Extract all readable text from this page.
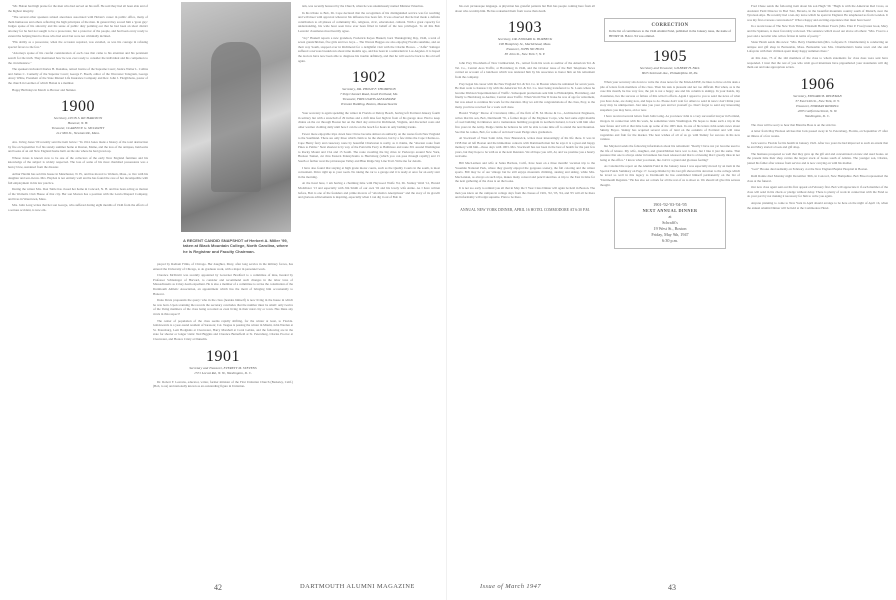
"Mr. Hoban had high praise for the men who had served on his staff. He said they had all been able and of the highest integrity.

"The several other speakers related anecdotes associated with Hoban's career in public office, many of them humorous and others reflecting the high principles of the man. In general they scored him a 'great guy.' Judges spoke of his sincerity and his sense of public duty pointing out that he had been an ideal district attorney for he had not sought to be a prosecutor, but a protector of the people, and had been every ready to extend the helping hand to those who had erred but were not criminally inclined.

"His ability as a prosecutor, when the occasion required, was extolled, as was his courage in refusing special favors to the few."

"Attorneys spoke of his careful consideration of each case that came to his attention and his persistent search for the truth. They mentioned how he was ever ready to consider the individual and his companion to the circumstance."

The speakers included Charles H. Donahue, retired Justice of the Supreme Court; Justice Walter L. Collins and James C. Connelly of the Superior Court; George F. Booth, editor of the Worcester Telegram, George Avery White, President of the State Mutual Life Insurance Company and Rev. John J. Fitzgibbons, pastor of the church in Gardner of which Hoban is a member.

Happy Birthdays in March to Brewer and Skinner.

1900
Secretary, LEON S. RICHARDSON
Hanover, N. H.
Treasurer, CLARENCE G. MCDAVITT
212 Mill St., Newtonville, Mass.

Ave. Irving Jones '00 recently sent the item below: "In 1914 Jones made a history of the total destruction by fire on September 9 of his stately summer home at Ruston, Maine, and the loss of the antiques, heirlooms and books of an old New England home built on the site where he had grown up.

Whose Jones is known now to be one of the collectors of the early New England furniture and his knowledge of the subject is widely respected. The loss of some of his most cherished possessions was a heavy blow, sustained from the disaster.

Arthur Hardin has sold his house in Manchester, N. H., and has moved to Woburn, Mass., to live with his daughter and son-in-law. Mrs. Hayden is not entirely well and he has found the care of her incompatible with full employment in his law practice.

During the winter Mrs. Don Tuttle has closed her home in Concord, N. H. and has been acting as matron of the Woman's Club House of that city. Her son Morton has a position with the Lewis-Shepard Company, and lives in Watertown, Mass.

Mrs. John Long writes that her son George, who suffered during eight months of 1946 from the effects of a serious accident, is now em-

A RECENT CANDID SNAPSHOT of Herbert A. Miller '99, taken at Black Mountain College, North Carolina, where he is Registrar and Faculty Chairman.

ployed by Radiant Films, of Chicago. Her daughter, Mary, after long service in the military forces, has entered the University of Chicago, to do graduate work, with a major in personnel work.

Clarence McDavitt was recently appointed by Governor Bradford to a committee of nine, headed by Professor Schlesinger of Harvard, to consider and recommend such changes in the labor laws of Massachusetts as it may deem expedient. He is also a member of a committee to revise the constitution of the Dartmouth Athletic Association, an appointment which has the merit of bringing him occasionally to Hanover.

Dana Davis propounds the query: who in the class (besides himself) is now living in the house in which he was born. Upon scanning the records the secretary concludes that the number must be small: only twelve of the living members of the class being recorded as even living in their natal city or town. Has Dana any rivals in this respect?

The center of population of the class seems rapidly shifting, for the winter at least, to Florida. Jemdowarris is a year-round resident of Sarasota; Col. Teague is passing the winter in Miami, John Warden at St. Petersburg, Lem Hodgkins at Clearwater, Harry Marshall at Coral Gables, and the following are in the state for shorter or longer visits: Ned Biggins and Clarence Butterfield at St. Petersburg, Charles Proctor at Clearwater, and Horace Cristy at Dunedin.

1901
Secretary and Treasurer, EVERETT M. STEVENS
1571 Locust Rd., N. W., Washington, D. C.

Dr. Robert F. Leavens, educator, writer, former minister of the First Unitarian Church (Berkeley, Calif.) (Bob, to us) and nationally known as an outstanding figure in Unitarian-

ism, was recently honored by the Church, when he was unanimously named Minister Emeritus.

In his tribute to Bob, Dr. Cope declared that the recognition of his distinguished service was far reaching and will meet with approval wherever his influence has been felt. It was observed that he had made a definite contribution to all phases of community life, religious, civic, educational, cultural. With a great capacity for understanding, his wide hour seen have ever been filled in behalf of the less privileged. To all this Bob Leavens' classmates most heartily agree.

"Joy" Haskell reports a new grandson, Frederick Keyes Haskell, born Thanksgiving Day, 1946, a total of seven grandchildren, five girls and two boys.... The Warren Bugges are also enjoying Florida sunshine, and on their way South, stopped over in Richmond for a delightful visit with the Charlie Howes. ..."Alfie" Salinger suffered a nervous breakdown about nine months ago, and has been in a sanitarium in Los Angeles. It is hoped the doctors have now been able to diagnose his trouble definitely, and that he will soon be back to his old self again.

1902
Secretary, DR. PHILIP F. THOMPSON
7 Ship Channel Road, South Portland, Me.
Treasurer, FRED DAVIS ALEXANDER
Tremont Building, Boston, Massachusetts

Your secretary is again spending the winter in Florida at Delray Beach, having left Portland January fourth in solitary but with a snowball of 29 inches and a drift nine feet high in front of his garage door. Had to keep chains on the car through Boston but on the third day arrived in Richmond, Virginia, and discarded coats and other warmer clothing daily until here I can lie on the beach for hours in only bathing trunks.

Fewer more enjoyable trips down here I have become almost an authority on the routes from New England to the Southland. There are only three which claim to be the shortest, but by a few miles the Cape Charles-to-Cape Henry ferry and causeway route by beautiful Charleston is really, as it claims, the "shortest route from Pines to Palms." Next shortest is by way of the Pottsville Ferry to Baltimore and route 301 around Washington to Rocky Mount and 15A and 15 South. The route avoiding the big cities is: Parkways around New York, Hudson Tunnel, cut thru Eastern Pennsylvania to Harrisburg (which you can pass through rapidly) and 15 South or farther west the picturesque Valley and Blue Ridge Sky Line Trail. Write me for details.

I have also found that staying at high grade motor courts, such as the Quality Courts in the south, is most convenient. Drive right up to your room. No taking the car to a garage and it is ready at once for an early start in the morning.

At the hotel here, I am having a charming time with Heywood Wolfe '04, Dr. Stanley Weld '12, Harold McAllister '13 and especially with Jim Smith of our own '02 and his lovely wife Annie. As I have written before, Bob is one of the founders and prime movers of "Alcoholics Anonymous" and the story of its growth and glorious achievements is inspiring, especially when I can dig it out of Bob in

his own picturesque language. A physician has grateful patients but Bob has people coming here from all about who worship him. He has redeemed them from worse than death.

1903
Secretary, DR. EDWARD K. BURBECK
198 Humphrey St., Marblehead, Mass.
Treasurer, JOHN NICHOLS
85 John St., New York 7, N. Y.

John Prey Woolsham of New Cumberland, Pa., retired from his work as auditor of the American Tel. & Tel. Co., Central Area Traffic, at Harrisburg in 1946, and the October issue of the Bell Telephone News carried an account of a luncheon which was tendered him by his associates to honor him on his retirement from the company.

Prey began his career with the New England Tel. & Tel. Co. in Boston where he remained for seven years. He then went to Kansas City with the American Tel. & Tel. Co. later being transferred to St. Louis where he became Division Superintendent of Traffic. Subsequent promotions sent him to Philadelphia, Harrisburg, and finally to Harrisburg as Auditor, Central Area Traffic. When World War II broke he was of age for retirement, but was asked to continue his work for the duration. May we add the congratulations of the class, Prey, to the many you have received for a work well done.

Harold "Pudge" Morse of Cleveland, Ohio, of the firm of H. M. Morse & Co., Architectural Engineers, writes that his son, Bob, Dartmouth '35, a former major of the Engineer Corps, who had some eight months of road building in Okinawa and a tremendous building program in northern Ireland, is back with him after five years in the Army. Pudge claims he believes he will be able to take time off to attend the next Reunion. See that he comes, Bob, for some of us haven't seen Pudge since graduation.

Al Stockwell of West Saint John, New Brunswick, writes most interestingly of his life there. It was in 1958 that Al left Boston and the immediate contacts with Dartmouth men but he says it is a great and happy memory with him—those days with 1903. Mrs. Stockwell has not been in the best of health for the past few years, but they hope to be with us at the next Reunion. We all hope you will, Al, and we promise you a hearty welcome.

Bill MacLarmon and wife at Santa Barbara, Calif., have been on a three months' vacation trip to the Yosemite National Park, where they greatly enjoyed the gorgeous scenery, the fall coloring and the winter sports. Bill may be of our vintage but he still enjoys mountain climbing, skating and skiing, while Mrs. MacLennan, as always on such trips, makes many colored and pencil sketches. A trip to the East in time for the next gathering of the class is on the books.

It is not too early to remind you all that in May the 5 Year Class Dinner will again be held in Boston. The men you knew on the campus in college days from the classes of 1901, '02, '03, '04, and '05 will all be there and informality will reign supreme. Plan to be there.

ANNUAL NEW YORK DINNER, APRIL 16 HOTEL COMMODORE AT 6:30 P.M.

CORRECTION
In the list of contributors to the 1946 Alumni Fund, published in the January issue, the name of HENRY M. HALL '04 was omitted.
1905
Secretary and Treasurer, GILBERT H. FALL
8025 Seminole Ave., Philadelphia 18, Pa.

When your secretary sits down to write the class notes for the MAGAZINE, he likes to have on his desk a pile of letters from members of the class. Then his task is pleasant and not too difficult. But when, as is the case this month, he has very few, the job is not a happy one and his column is skimpy. In your hands, my classmates, lies the success or failure of this writer's efforts. Again I appeal to you to send me news of what you have done, are doing now, and hope to do. Please don't wait for others to send in news: don't think your story may be unimportant. Just take you your pen and let yourself go. Don't forget to send any interesting snapshots you may have, old or new.

I have received several letters from John Laing. As you know John is a very successful lawyer in Portland, Oregon. In connection with his work, he sometimes visits Washington. He hopes to make such a trip in the near future and will at that time look up some of the 1905 men. In one of his letters John sends news about Skinny Boyce. Skinny has acquired several acres of land on the outskirts of Portland and will raise vegetables and fruit for the market. The best wishes of all of us go with Skinny for success in his new venture.

Ike Maynard sends the following information about his retirement: "Really I have not yet become used to the life of leisure. My wife, daughter, and grandchildren have wet to date, but I like it just the same. That pressure that one is always under in business has been released and that is a blessing that I greatly miss in not being at the office." I know what you mean, Ike. Isn't it a grand and glorious feeling?

As I studied the report on the Alumni Fund in the January issue I was especially moved by an item in the Special Funds Summary on Page 17. George Risher by his last gift showed his devotion to the college which he loved so well in this legacy to Dartmouth he has established himself permanently on the list of "Dartmouth Regulars." He has also set a mark for all the rest of us to shoot at. We should all give this serious thought.

1901-'02-'03-'04-'05
NEXT ANNUAL DINNER
at
Schrafft's
19 West St., Boston
Friday, May 9th, 1947
6:30 p.m.

Fred Chase sends the following item about his son Hugh '36: "Hugh is with the American Red Cross, as Assistant Field Director in Bad Tolz, Bavaria, in the beautiful mountain country south of Munich, near the Tyrolean Alps. He recently had a ten-day leave which he spent in England. He telephoned us from London. It was my first overseas conversation!" What a happy and exciting experience that must have been!

In a recent issue of The New York Times, Elizabeth Hollister Frost's (Mrs. Eliot P. Frost) latest book, Mary and the Spinners, is most favorably reviewed. The sentence which stood out above all others: "Mrs. Frost is a poet and a novelist who writes fiction in terms of poetry."

Sister Hersh sends this news: "Mrs. Betty Chamberlain (Mrs. Lafayette E. Chamberlain) is conducting an antique and gift shop in Barnstable, Mass. Barnstable was Mrs. Chamberlain's home town and she and Lafayette with their children spent many happy summers there."

At this date, 75 of the 146 members of the class to whom statements for class dues were sent have responded. I trust that the rest of you who wish good intentions have pigeonholed your statements will dig them out and take appropriate action.

1906
Secretary, EDWARD B. REDEMAN
37 East 94th St., New York, N. Y.
Treasurer, NORMAN RIDDELL
2005 California Street, N. W.
Washington, D. C.

The class will be sorry to hear that Blanche Boss is on the sick list.

A letter from May Hodson advises that Jack passed away in St. Petersburg, Florida, on September 27 after an illness of a few weeks.

Jack went to Florida for his health in January 1922. After two years he had improved to such an extent that he and Mary started a book and gift shop.

The business prospered so well that they gave up the gift end and concentrated on new and used books. At the present time their shop carries the largest stock of books south of Atlanta. The younger son, Charles, joined his father after release from service and is now carrying on with his mother.

"Gott" Brooks died suddenly on February 4 at the New England Baptist Hospital in Boston.

Ruth Rainie died Monday night December 30th, in Concord, New Hampshire. Bob Blood represented the class at the funeral.

Our new class agent sent out his first appeal on February first. Bob will appreciate it if each member of the class will send in his check or pledge without delay. There is plenty of work in connection with the Fund so do your part by not making it necessary for him to write you again.

Anyone planning to come to New York in April should arrange to be here on the night of April 16, when the annual Alumni Dinner will be held at the Commodore Hotel.

42	DARTMOUTH ALUMNI MAGAZINE	Issue of March 1947	43
